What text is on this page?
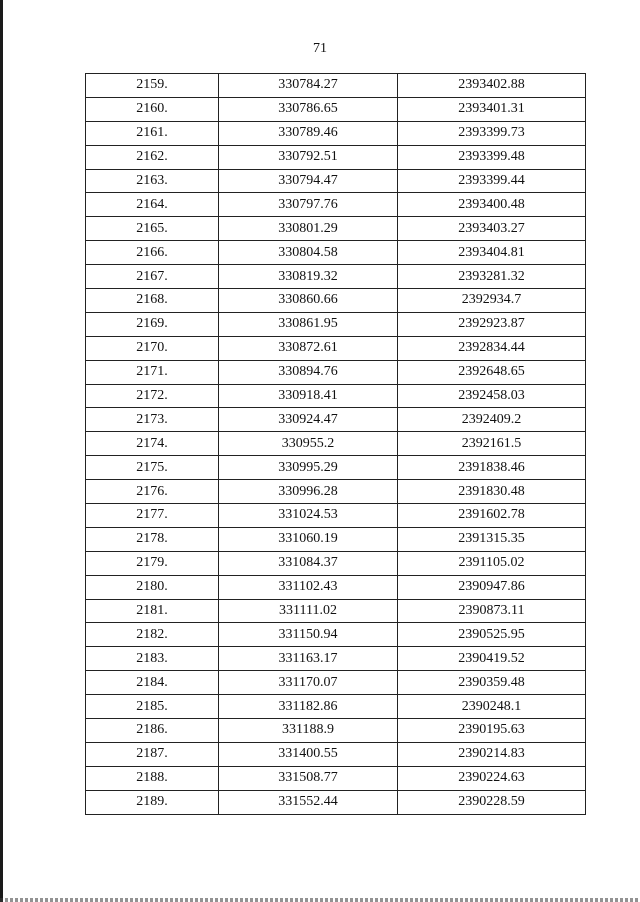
71
2159.	330784.27	2393402.88
2160.	330786.65	2393401.31
2161.	330789.46	2393399.73
2162.	330792.51	2393399.48
2163.	330794.47	2393399.44
2164.	330797.76	2393400.48
2165.	330801.29	2393403.27
2166.	330804.58	2393404.81
2167.	330819.32	2393281.32
2168.	330860.66	2392934.7
2169.	330861.95	2392923.87
2170.	330872.61	2392834.44
2171.	330894.76	2392648.65
2172.	330918.41	2392458.03
2173.	330924.47	2392409.2
2174.	330955.2	2392161.5
2175.	330995.29	2391838.46
2176.	330996.28	2391830.48
2177.	331024.53	2391602.78
2178.	331060.19	2391315.35
2179.	331084.37	2391105.02
2180.	331102.43	2390947.86
2181.	331111.02	2390873.11
2182.	331150.94	2390525.95
2183.	331163.17	2390419.52
2184.	331170.07	2390359.48
2185.	331182.86	2390248.1
2186.	331188.9	2390195.63
2187.	331400.55	2390214.83
2188.	331508.77	2390224.63
2189.	331552.44	2390228.59
